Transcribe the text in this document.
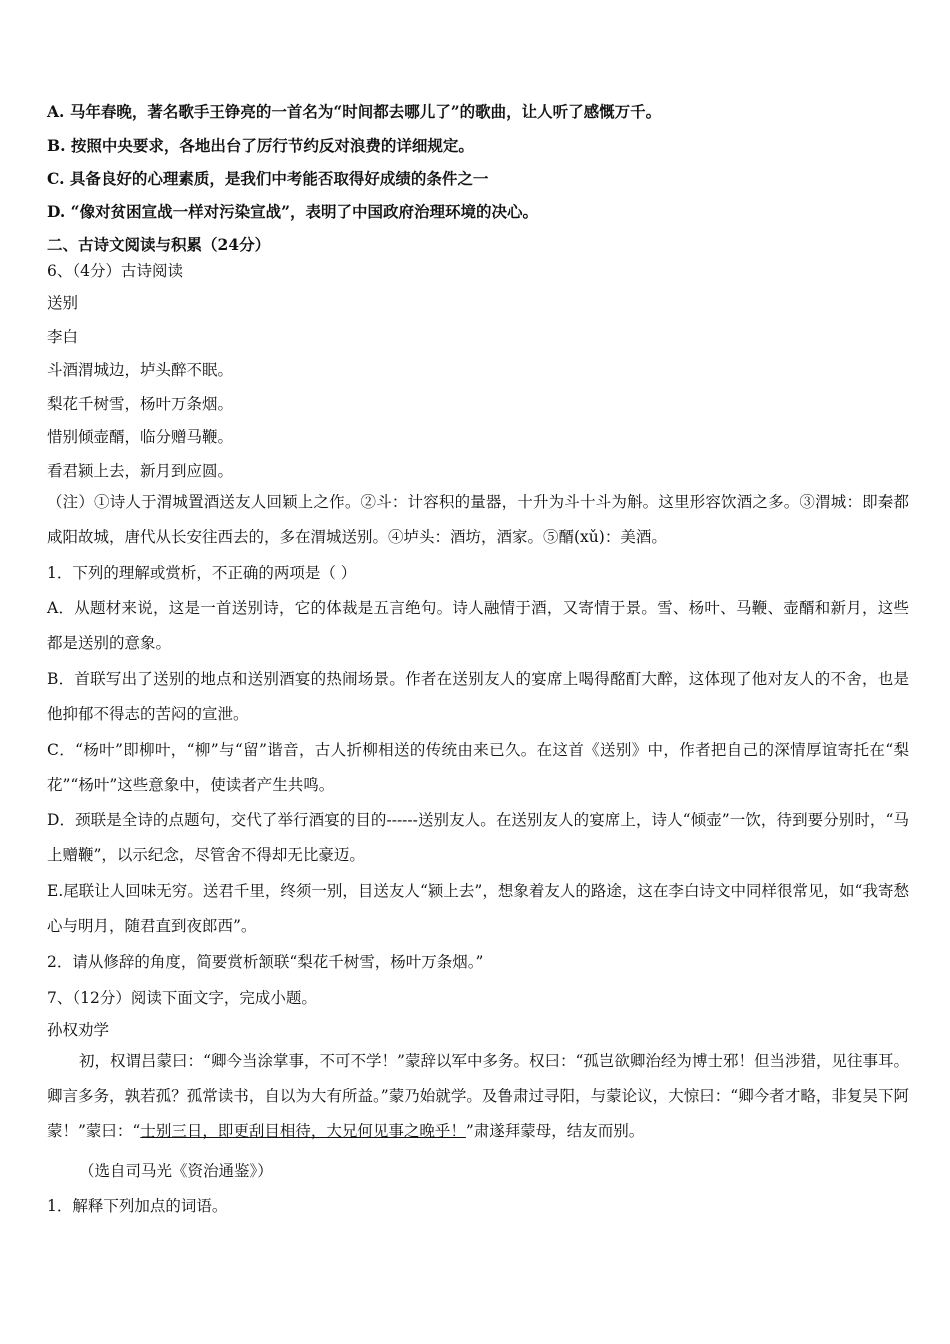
A. 马年春晚，著名歌手王铮亮的一首名为“时间都去哪儿了”的歌曲，让人听了感慨万千。
B. 按照中央要求，各地出台了厉行节约反对浪费的详细规定。
C. 具备良好的心理素质，是我们中考能否取得好成绩的条件之一
D. “像对贫困宣战一样对污染宣战”，表明了中国政府治理环境的决心。
二、古诗文阅读与积累（24分）
6、（4分）古诗阅读
送别
李白
斗酒渭城边，垆头醉不眠。
梨花千树雪，杨叶万条烟。
惜别倾壶醑，临分赠马鞭。
看君颍上去，新月到应圆。
（注）①诗人于渭城置酒送友人回颖上之作。②斗：计容积的量器，十升为斗十斗为斛。这里形容饮酒之多。③渭城：即秦都咸阳故城，唐代从长安往西去的，多在渭城送别。④垆头：酒坊，酒家。⑤醑(xǔ)：美酒。
1．下列的理解或赏析，不正确的两项是（ ）
A．从题材来说，这是一首送别诗，它的体裁是五言绝句。诗人融情于酒，又寄情于景。雪、杨叶、马鞭、壶醑和新月，这些都是送别的意象。
B．首联写出了送别的地点和送别酒宴的热闹场景。作者在送别友人的宴席上喝得酩酊大醉，这体现了他对友人的不舍，也是他抑郁不得志的苦闷的宣泄。
C．“杨叶”即柳叶，“柳”与“留”谐音，古人折柳相送的传统由来已久。在这首《送别》中，作者把自己的深情厚谊寄托在“梨花”“杨叶”这些意象中，使读者产生共鸣。
D．颈联是全诗的点题句，交代了举行酒宴的目的------送别友人。在送别友人的宴席上，诗人“倾壶”一饮，待到要分别时，“马上赠鞭”，以示纪念，尽管舍不得却无比豪迈。
E.尾联让人回味无穷。送君千里，终须一别，目送友人“颍上去”，想象着友人的路途，这在李白诗文中同样很常见，如“我寄愁心与明月，随君直到夜郎西”。
2．请从修辞的角度，简要赏析颔联“梨花千树雪，杨叶万条烟。”
7、（12分）阅读下面文字，完成小题。
孙权劝学
初，权谓吕蒙曰：“卿今当涂掌事，不可不学！”蒙辞以军中多务。权曰：“孤岂欲卿治经为博士邪！但当涉猎，见往事耳。卿言多务，孰若孤？孤常读书，自以为大有所益。”蒙乃始就学。及鲁肃过寻阳，与蒙论议，大惊曰：“卿今者才略，非复吴下阿蒙！”蒙曰：“士别三日，即更刮目相待，大兄何见事之晚乎！”肃遂拜蒙母，结友而别。
（选自司马光《资治通鉴》）
1．解释下列加点的词语。
